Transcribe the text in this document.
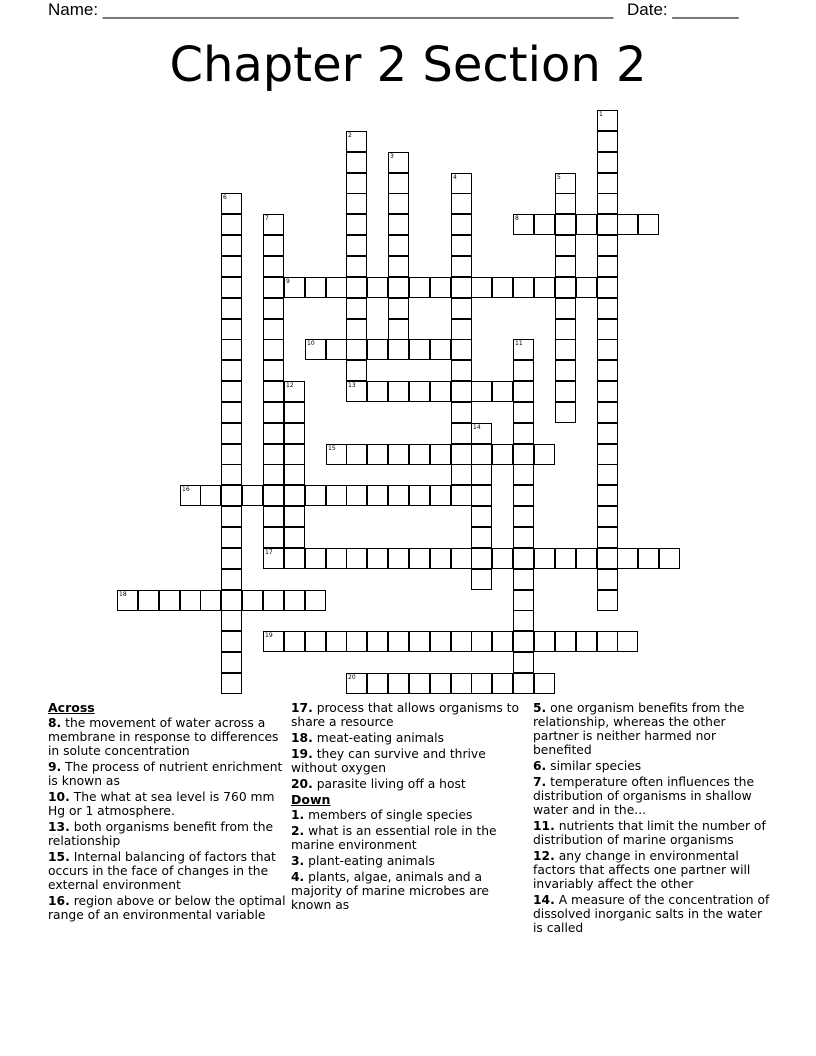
Name: ______________________________________________________ Date: _______
Chapter 2 Section 2
1
2
3
4	5
6
7	8
9
10	11
12	13
14
15
16
17
18
19
20
Across
8. the movement of water across a membrane in response to differences in solute concentration
9. The process of nutrient enrichment is known as
10. The what at sea level is 760 mm Hg or 1 atmosphere.
13. both organisms benefit from the relationship
15. Internal balancing of factors that occurs in the face of changes in the external environment
16. region above or below the optimal range of an environmental variable
17. process that allows organisms to share a resource
18. meat-eating animals
19. they can survive and thrive without oxygen
20. parasite living off a host
Down
1. members of single species
2. what is an essential role in the marine environment
3. plant-eating animals
4. plants, algae, animals and a majority of marine microbes are known as
5. one organism benefits from the relationship, whereas the other partner is neither harmed nor benefited
6. similar species
7. temperature often influences the distribution of organisms in shallow water and in the...
11. nutrients that limit the number of distribution of marine organisms
12. any change in environmental factors that affects one partner will invariably affect the other
14. A measure of the concentration of dissolved inorganic salts in the water is called
